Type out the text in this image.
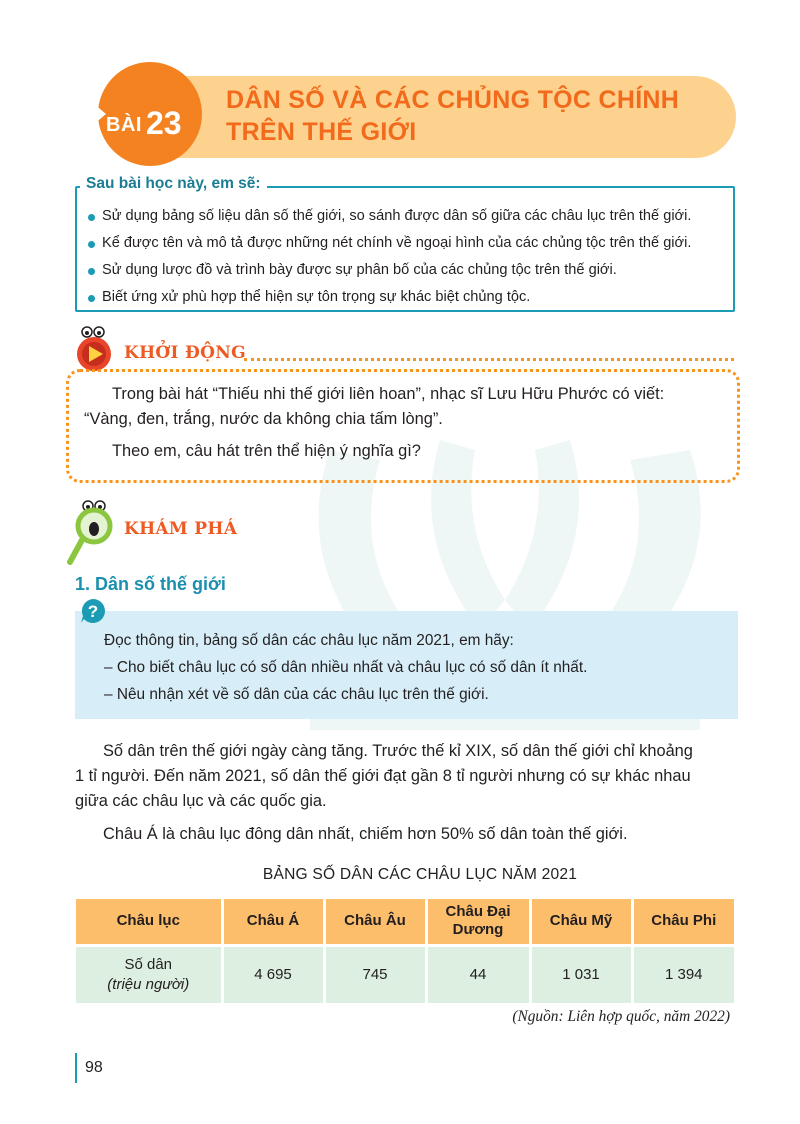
BÀI 23
DÂN SỐ VÀ CÁC CHỦNG TỘC CHÍNH
TRÊN THẾ GIỚI
Sau bài học này, em sẽ:
Sử dụng bảng số liệu dân số thế giới, so sánh được dân số giữa các châu lục trên thế giới.
Kể được tên và mô tả được những nét chính về ngoại hình của các chủng tộc trên thế giới.
Sử dụng lược đồ và trình bày được sự phân bố của các chủng tộc trên thế giới.
Biết ứng xử phù hợp thể hiện sự tôn trọng sự khác biệt chủng tộc.
KHỞI ĐỘNG
Trong bài hát “Thiếu nhi thế giới liên hoan”, nhạc sĩ Lưu Hữu Phước có viết:
“Vàng, đen, trắng, nước da không chia tấm lòng”.
Theo em, câu hát trên thể hiện ý nghĩa gì?
KHÁM PHÁ
1. Dân số thế giới
?
Đọc thông tin, bảng số dân các châu lục năm 2021, em hãy:
– Cho biết châu lục có số dân nhiều nhất và châu lục có số dân ít nhất.
– Nêu nhận xét về số dân của các châu lục trên thế giới.
Số dân trên thế giới ngày càng tăng. Trước thế kỉ XIX, số dân thế giới chỉ khoảng
1 tỉ người. Đến năm 2021, số dân thế giới đạt gần 8 tỉ người nhưng có sự khác nhau
giữa các châu lục và các quốc gia.
Châu Á là châu lục đông dân nhất, chiếm hơn 50% số dân toàn thế giới.
BẢNG SỐ DÂN CÁC CHÂU LỤC NĂM 2021
Châu lục	Châu Á	Châu Âu	Châu Đại Dương	Châu Mỹ	Châu Phi

Số dân
(triệu người)	4 695	745	44	1 031	1 394
(Nguồn: Liên hợp quốc, năm 2022)
98
